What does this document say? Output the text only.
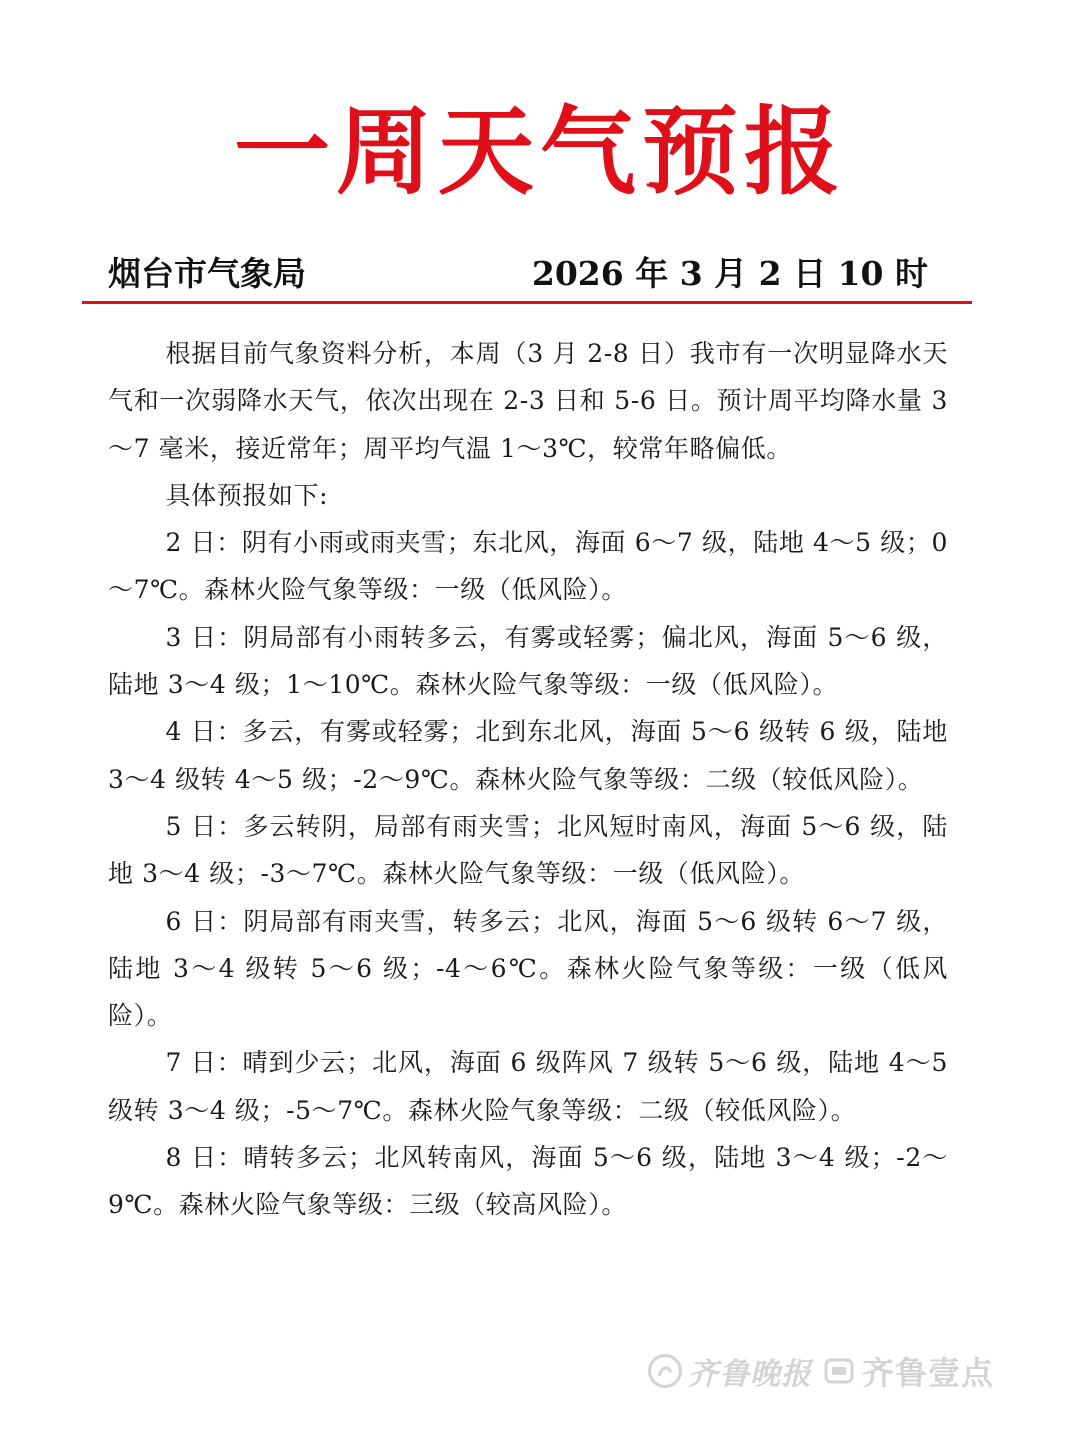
一周天气预报
烟台市气象局	2026 年 3 月 2 日 10 时

根据目前气象资料分析，本周（3 月 2-8 日）我市有一次明显降水天气和一次弱降水天气，依次出现在 2-3 日和 5-6 日。预计周平均降水量 3～7 毫米，接近常年；周平均气温 1～3℃，较常年略偏低。

具体预报如下:

2 日：阴有小雨或雨夹雪；东北风，海面 6～7 级，陆地 4～5 级；0～7℃。森林火险气象等级：一级（低风险）。

3 日：阴局部有小雨转多云，有雾或轻雾；偏北风，海面 5～6 级，陆地 3～4 级；1～10℃。森林火险气象等级：一级（低风险）。

4 日：多云，有雾或轻雾；北到东北风，海面 5～6 级转 6 级，陆地 3～4 级转 4～5 级；-2～9℃。森林火险气象等级：二级（较低风险）。

5 日：多云转阴，局部有雨夹雪；北风短时南风，海面 5～6 级，陆地 3～4 级；-3～7℃。森林火险气象等级：一级（低风险）。

6 日：阴局部有雨夹雪，转多云；北风，海面 5～6 级转 6～7 级，陆地 3～4 级转 5～6 级；-4～6℃。森林火险气象等级：一级（低风险）。

7 日：晴到少云；北风，海面 6 级阵风 7 级转 5～6 级，陆地 4～5 级转 3～4 级；-5～7℃。森林火险气象等级：二级（较低风险）。

8 日：晴转多云；北风转南风，海面 5～6 级，陆地 3～4 级；-2～9℃。森林火险气象等级：三级（较高风险）。

齐鲁晚报 齐鲁壹点
